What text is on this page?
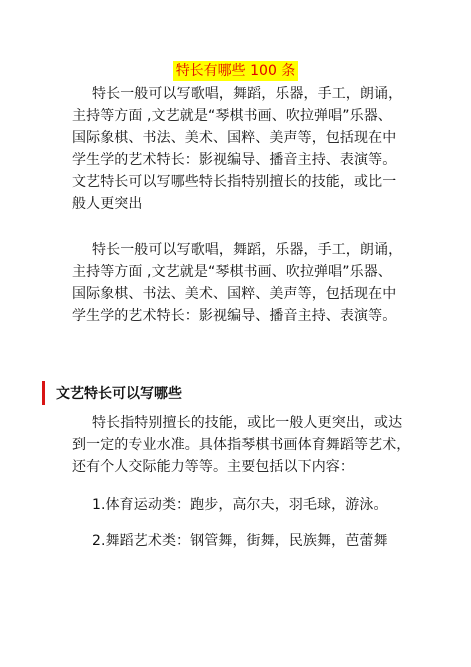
特长有哪些 100 条

特长一般可以写歌唱，舞蹈，乐器，手工，朗诵，
主持等方面 ,文艺就是“琴棋书画、吹拉弹唱”乐器、
国际象棋、书法、美术、国粹、美声等，包括现在中
学生学的艺术特长：影视编导、播音主持、表演等。
文艺特长可以写哪些特长指特别擅长的技能，或比一
般人更突出

特长一般可以写歌唱，舞蹈，乐器，手工，朗诵，
主持等方面 ,文艺就是“琴棋书画、吹拉弹唱”乐器、
国际象棋、书法、美术、国粹、美声等，包括现在中
学生学的艺术特长：影视编导、播音主持、表演等。

文艺特长可以写哪些

特长指特别擅长的技能，或比一般人更突出，或达
到一定的专业水准。具体指琴棋书画体育舞蹈等艺术，
还有个人交际能力等等。主要包括以下内容：

1.体育运动类：跑步，高尔夫，羽毛球，游泳。

2.舞蹈艺术类：钢管舞，街舞，民族舞，芭蕾舞
